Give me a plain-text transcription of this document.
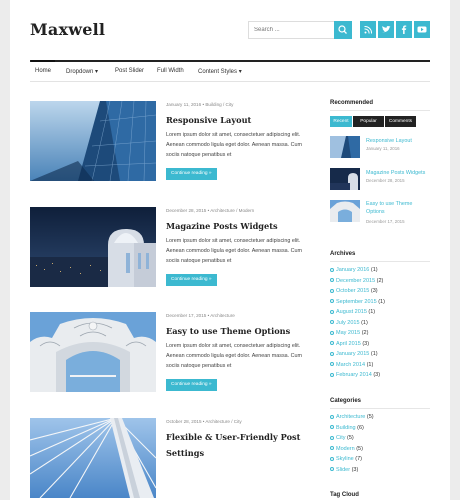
Maxwell
Search ...
Home Dropdown ▾	Post Slider Full Width Content Styles ▾
January 11, 2016 • Building / City
Responsive Layout
Lorem ipsum dolor sit amet, consectetuer adipiscing elit. Aenean commodo ligula eget dolor. Aenean massa. Cum sociis natoque penatibus et
Continue reading »
December 28, 2015 • Architecture / Modern
Magazine Posts Widgets
Lorem ipsum dolor sit amet, consectetuer adipiscing elit. Aenean commodo ligula eget dolor. Aenean massa. Cum sociis natoque penatibus et
Continue reading »
December 17, 2015 • Architecture
Easy to use Theme Options
Lorem ipsum dolor sit amet, consectetuer adipiscing elit. Aenean commodo ligula eget dolor. Aenean massa. Cum sociis natoque penatibus et
Continue reading »
October 28, 2015 • Architecture / City
Flexible & User-Friendly Post Settings
Recommended
Recent	Popular	Comments
Responsive Layout
January 11, 2016
Magazine Posts Widgets
December 28, 2015
Easy to use Theme Options
December 17, 2015
Archives
January 2016 (1)
December 2015 (2)
October 2015 (3)
September 2015 (1)
August 2015 (1)
July 2015 (1)
May 2015 (2)
April 2015 (3)
January 2015 (1)
March 2014 (1)
February 2014 (3)
Categories
Architecture (5)
Building (6)
City (5)
Modern (5)
Skyline (7)
Slider (3)
Tag Cloud
